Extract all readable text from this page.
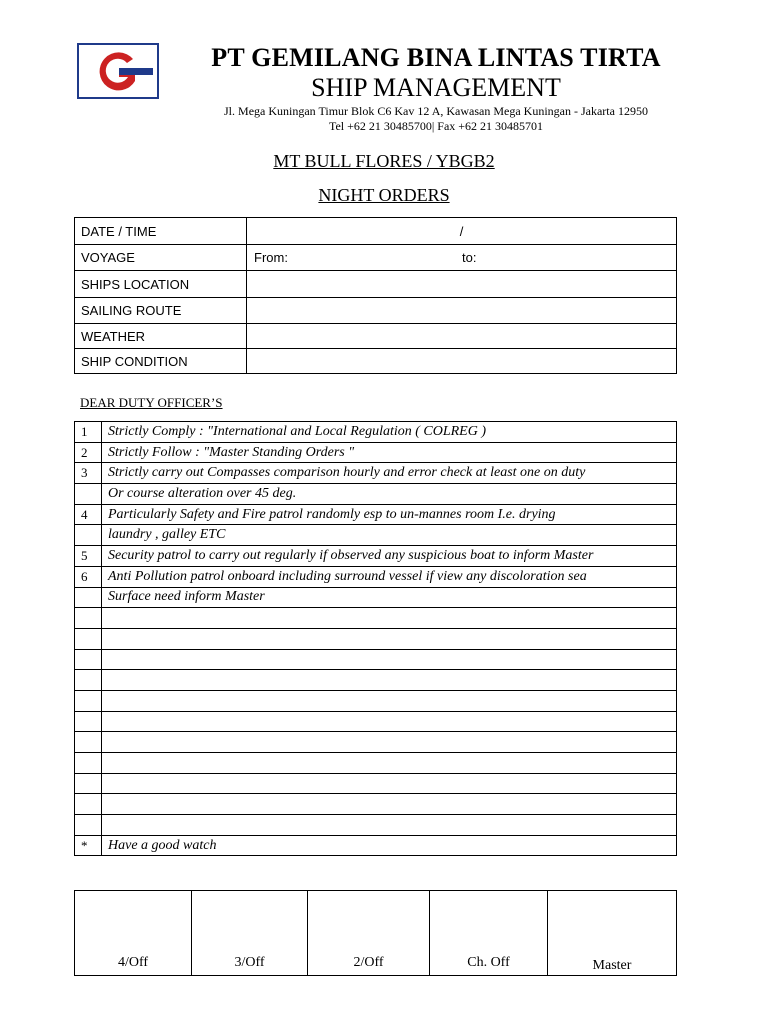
PT GEMILANG BINA LINTAS TIRTA
SHIP MANAGEMENT
Jl. Mega Kuningan Timur Blok C6 Kav 12 A, Kawasan Mega Kuningan - Jakarta 12950
Tel +62 21 30485700| Fax +62 21 30485701
MT BULL FLORES / YBGB2
NIGHT ORDERS
DATE / TIME	/
VOYAGE	From: to:

SHIPS LOCATION	
SAILING ROUTE	
WEATHER	
SHIP CONDITION	
DEAR DUTY OFFICER’S
1	Strictly Comply : "International and Local Regulation ( COLREG )
2	Strictly Follow : "Master Standing Orders "
3	Strictly carry out Compasses comparison hourly and error check at least one on duty
	Or course alteration over 45 deg.
4	Particularly Safety and Fire patrol randomly esp to un-mannes room I.e. drying
	laundry , galley ETC
5	Security patrol to carry out regularly if observed any suspicious boat to inform Master
6	Anti Pollution patrol onboard including surround vessel if view any discoloration sea
	Surface need inform Master

*	Have a good watch
4/Off	3/Off	2/Off	Ch. Off	Master
